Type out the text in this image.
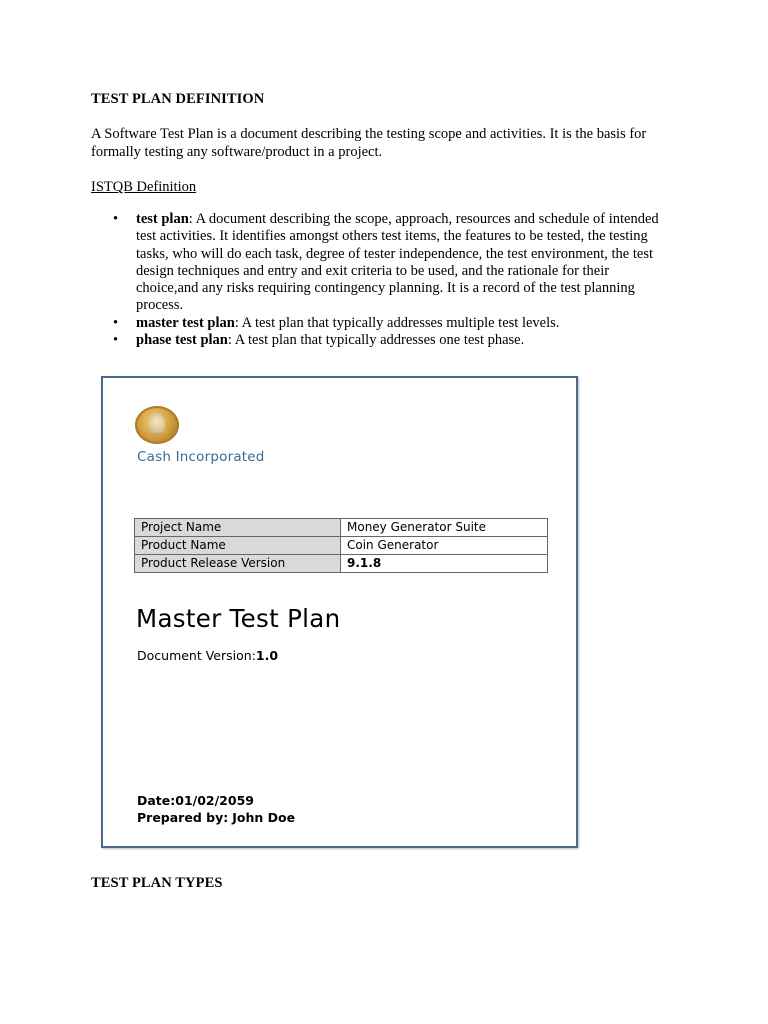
TEST PLAN DEFINITION
A Software Test Plan is a document describing the testing scope and activities. It is the basis for formally testing any software/product in a project.
ISTQB Definition
• test plan: A document describing the scope, approach, resources and schedule of intended test activities. It identifies amongst others test items, the features to be tested, the testing tasks, who will do each task, degree of tester independence, the test environment, the test design techniques and entry and exit criteria to be used, and the rationale for their choice,and any risks requiring contingency planning. It is a record of the test planning process.
• master test plan: A test plan that typically addresses multiple test levels.
• phase test plan: A test plan that typically addresses one test phase.
Cash Incorporated
Project Name	Money Generator Suite
Product Name	Coin Generator
Product Release Version	9.1.8
Master Test Plan
Document Version:1.0
Date:01/02/2059
Prepared by: John Doe
TEST PLAN TYPES
